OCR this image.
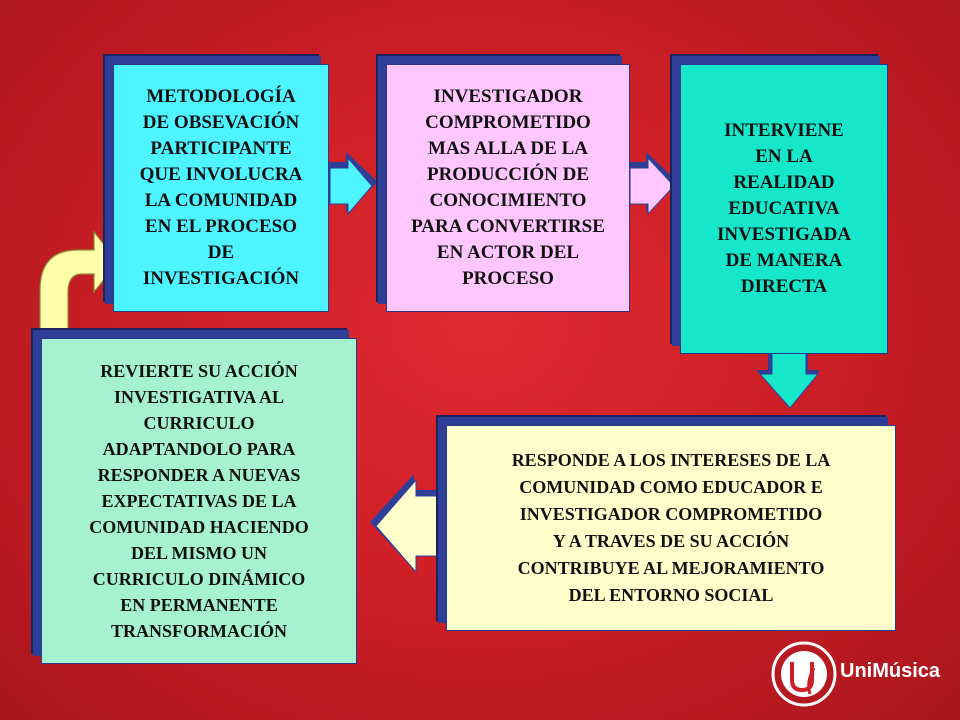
METODOLOGÍA
DE OBSEVACIÓN
PARTICIPANTE
QUE INVOLUCRA
LA COMUNIDAD
EN EL PROCESO
DE
INVESTIGACIÓN
INVESTIGADOR
COMPROMETIDO
MAS ALLA DE LA
PRODUCCIÓN DE
CONOCIMIENTO
PARA CONVERTIRSE
EN ACTOR DEL
PROCESO
INTERVIENE
EN LA
REALIDAD
EDUCATIVA
INVESTIGADA
DE MANERA
DIRECTA
RESPONDE A LOS INTERESES DE LA
COMUNIDAD COMO EDUCADOR E
INVESTIGADOR COMPROMETIDO
Y A TRAVES DE SU ACCIÓN
CONTRIBUYE AL MEJORAMIENTO
DEL ENTORNO SOCIAL
REVIERTE SU ACCIÓN
INVESTIGATIVA AL
CURRICULO
ADAPTANDOLO PARA
RESPONDER A NUEVAS
EXPECTATIVAS DE LA
COMUNIDAD HACIENDO
DEL MISMO UN
CURRICULO DINÁMICO
EN PERMANENTE
TRANSFORMACIÓN
UniMúsica
